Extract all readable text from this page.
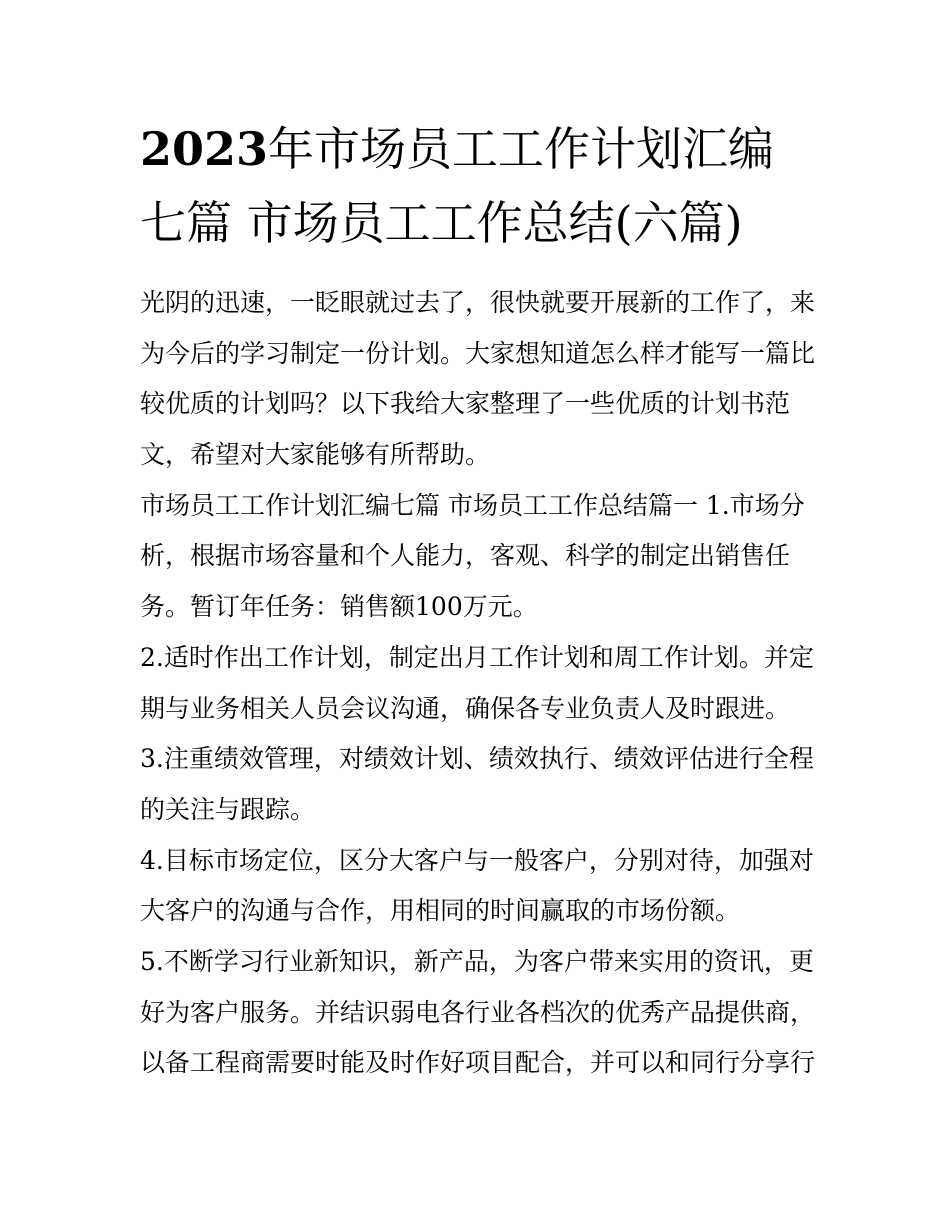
2023年市场员工工作计划汇编
七篇 市场员工工作总结(六篇)
光阴的迅速，一眨眼就过去了，很快就要开展新的工作了，来
为今后的学习制定一份计划。大家想知道怎么样才能写一篇比
较优质的计划吗？以下我给大家整理了一些优质的计划书范
文，希望对大家能够有所帮助。
市场员工工作计划汇编七篇 市场员工工作总结篇一 1.市场分
析，根据市场容量和个人能力，客观、科学的制定出销售任
务。暂订年任务：销售额100万元。
2.适时作出工作计划，制定出月工作计划和周工作计划。并定
期与业务相关人员会议沟通，确保各专业负责人及时跟进。
3.注重绩效管理，对绩效计划、绩效执行、绩效评估进行全程
的关注与跟踪。
4.目标市场定位，区分大客户与一般客户，分别对待，加强对
大客户的沟通与合作，用相同的时间赢取的市场份额。
5.不断学习行业新知识，新产品，为客户带来实用的资讯，更
好为客户服务。并结识弱电各行业各档次的优秀产品提供商，
以备工程商需要时能及时作好项目配合，并可以和同行分享行
